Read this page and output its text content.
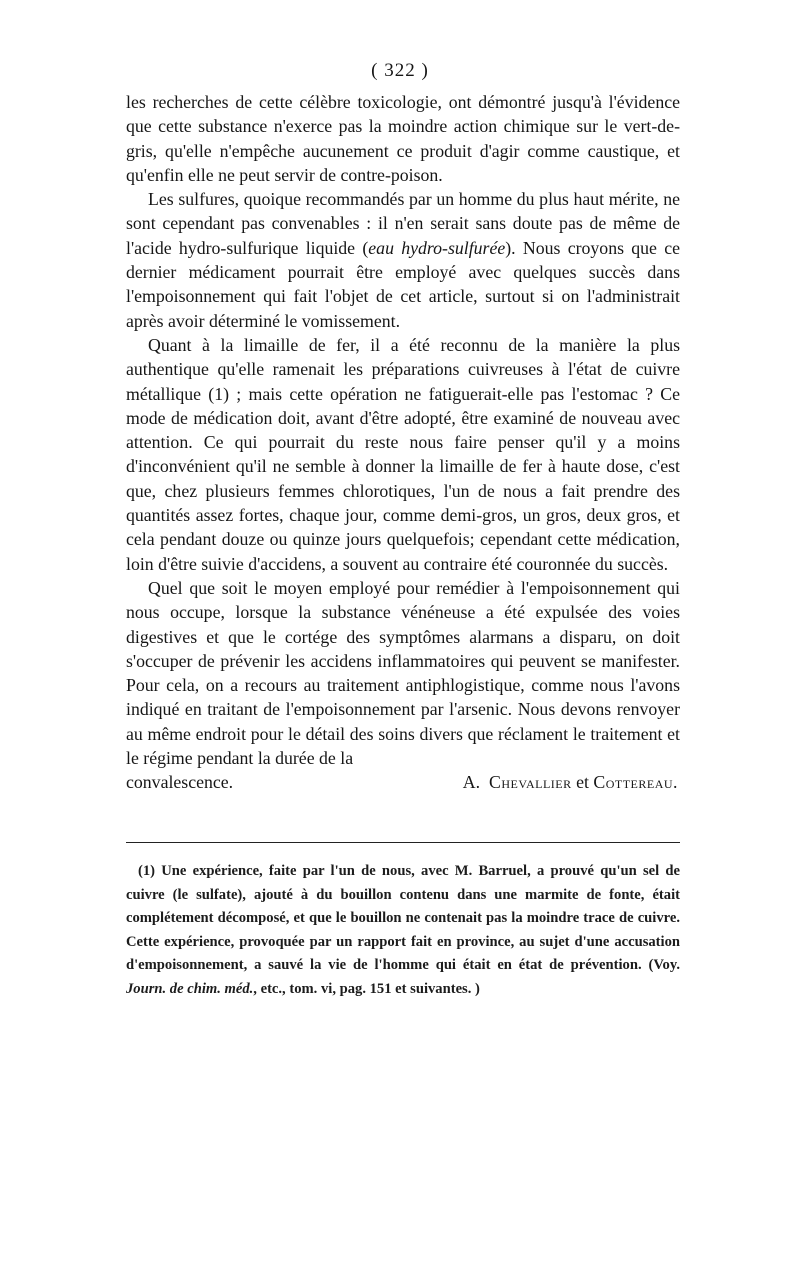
( 322 )

les recherches de cette célèbre toxicologie, ont démontré jusqu'à l'évidence que cette substance n'exerce pas la moindre action chimique sur le vert-de-gris, qu'elle n'empêche aucunement ce produit d'agir comme caustique, et qu'enfin elle ne peut servir de contre-poison.

Les sulfures, quoique recommandés par un homme du plus haut mérite, ne sont cependant pas convenables : il n'en serait sans doute pas de même de l'acide hydro-sulfurique liquide (eau hydro-sulfurée). Nous croyons que ce dernier médicament pourrait être employé avec quelques succès dans l'empoisonnement qui fait l'objet de cet article, surtout si on l'administrait après avoir déterminé le vomissement.

Quant à la limaille de fer, il a été reconnu de la manière la plus authentique qu'elle ramenait les préparations cuivreuses à l'état de cuivre métallique (1) ; mais cette opération ne fatiguerait-elle pas l'estomac ? Ce mode de médication doit, avant d'être adopté, être examiné de nouveau avec attention. Ce qui pourrait du reste nous faire penser qu'il y a moins d'inconvénient qu'il ne semble à donner la limaille de fer à haute dose, c'est que, chez plusieurs femmes chlorotiques, l'un de nous a fait prendre des quantités assez fortes, chaque jour, comme demi-gros, un gros, deux gros, et cela pendant douze ou quinze jours quelquefois; cependant cette médication, loin d'être suivie d'accidens, a souvent au contraire été couronnée du succès.

Quel que soit le moyen employé pour remédier à l'empoisonnement qui nous occupe, lorsque la substance vénéneuse a été expulsée des voies digestives et que le cortége des symptômes alarmans a disparu, on doit s'occuper de prévenir les accidens inflammatoires qui peuvent se manifester. Pour cela, on a recours au traitement antiphlogistique, comme nous l'avons indiqué en traitant de l'empoisonnement par l'arsenic. Nous devons renvoyer au même endroit pour le détail des soins divers que réclament le traitement et le régime pendant la durée de la

convalescence.	A. Chevallier et Cottereau.

(1) Une expérience, faite par l'un de nous, avec M. Barruel, a prouvé qu'un sel de cuivre (le sulfate), ajouté à du bouillon contenu dans une marmite de fonte, était complétement décomposé, et que le bouillon ne contenait pas la moindre trace de cuivre. Cette expérience, provoquée par un rapport fait en province, au sujet d'une accusation d'empoisonnement, a sauvé la vie de l'homme qui était en état de prévention. (Voy. Journ. de chim. méd., etc., tom. vi, pag. 151 et suivantes. )
